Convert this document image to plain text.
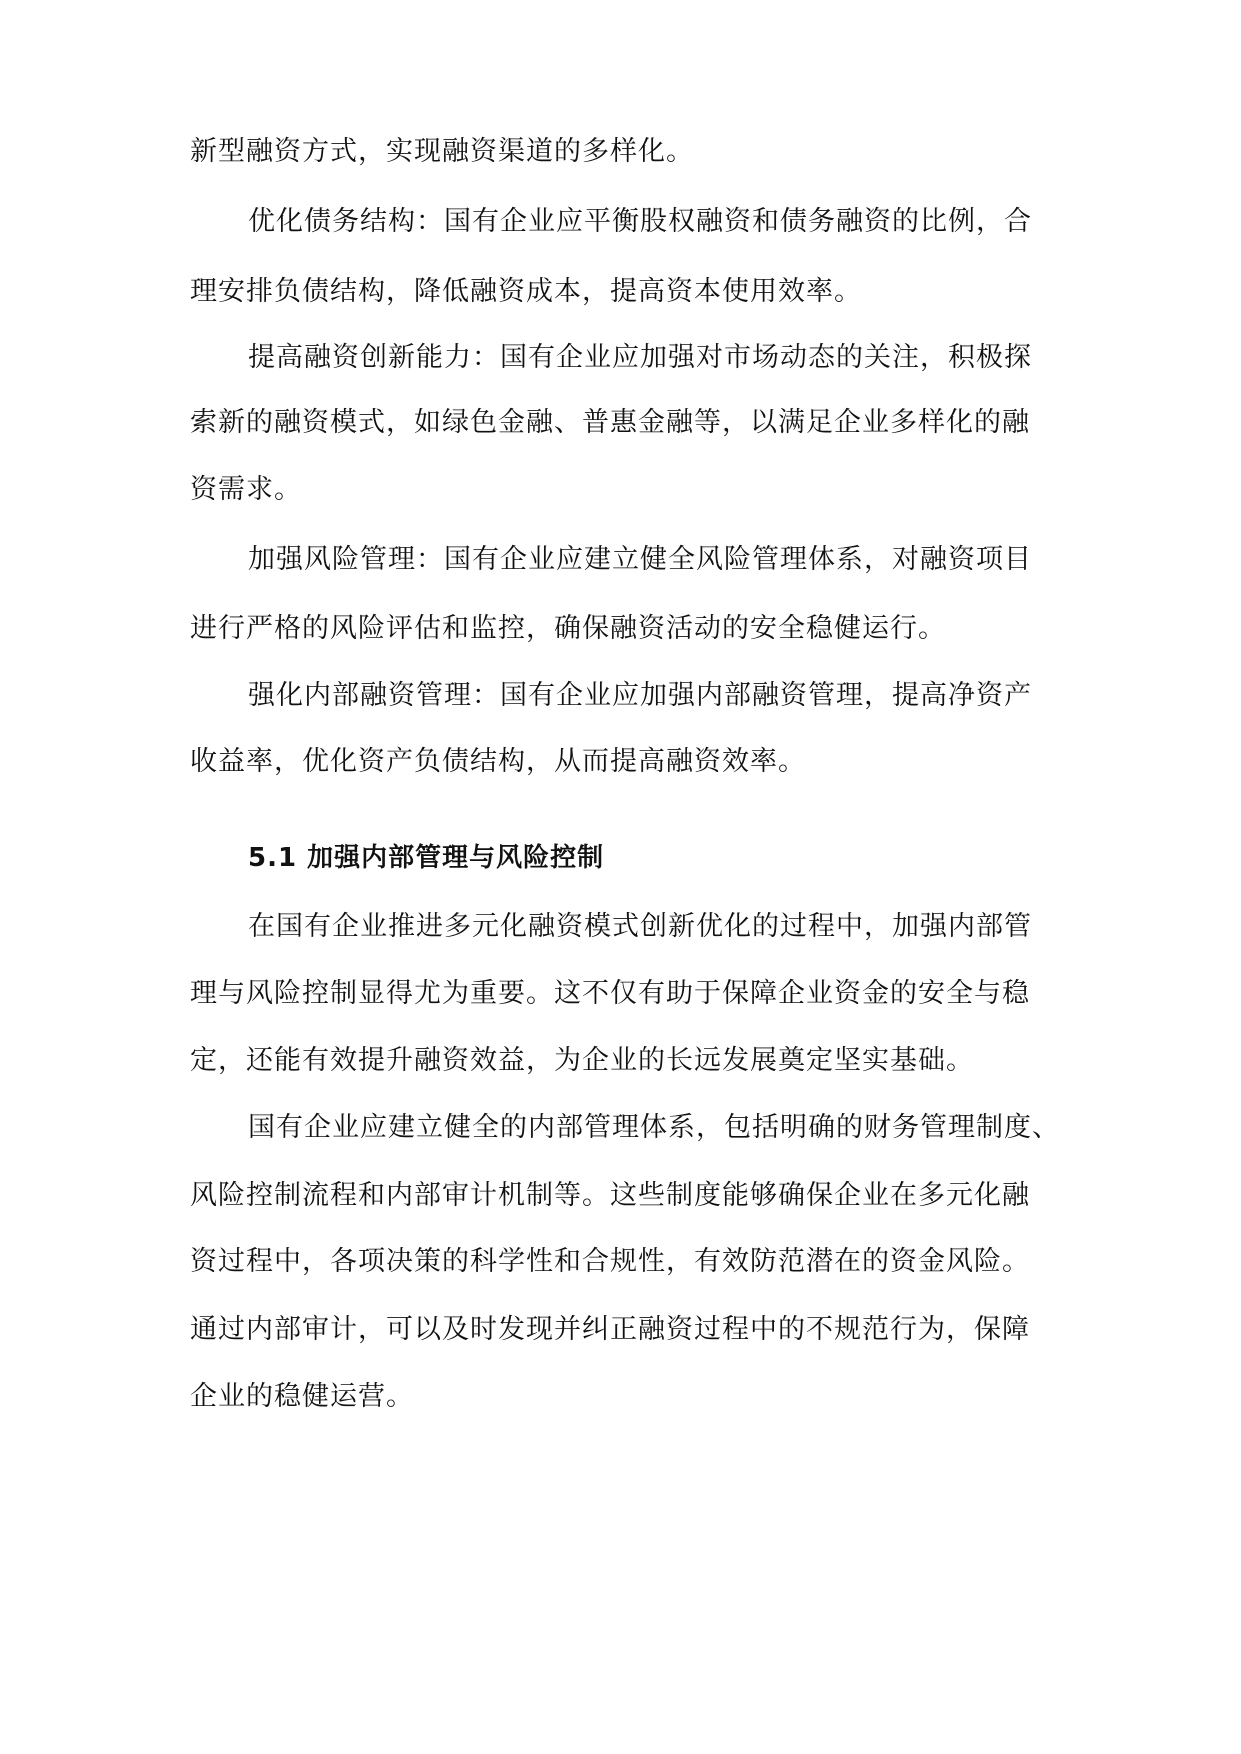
新型融资方式，实现融资渠道的多样化。
优化债务结构：国有企业应平衡股权融资和债务融资的比例，合
理安排负债结构，降低融资成本，提高资本使用效率。
提高融资创新能力：国有企业应加强对市场动态的关注，积极探
索新的融资模式，如绿色金融、普惠金融等，以满足企业多样化的融
资需求。
加强风险管理：国有企业应建立健全风险管理体系，对融资项目
进行严格的风险评估和监控，确保融资活动的安全稳健运行。
强化内部融资管理：国有企业应加强内部融资管理，提高净资产
收益率，优化资产负债结构，从而提高融资效率。
5.1 加强内部管理与风险控制
在国有企业推进多元化融资模式创新优化的过程中，加强内部管
理与风险控制显得尤为重要。这不仅有助于保障企业资金的安全与稳
定，还能有效提升融资效益，为企业的长远发展奠定坚实基础。
国有企业应建立健全的内部管理体系，包括明确的财务管理制度、
风险控制流程和内部审计机制等。这些制度能够确保企业在多元化融
资过程中，各项决策的科学性和合规性，有效防范潜在的资金风险。
通过内部审计，可以及时发现并纠正融资过程中的不规范行为，保障
企业的稳健运营。
